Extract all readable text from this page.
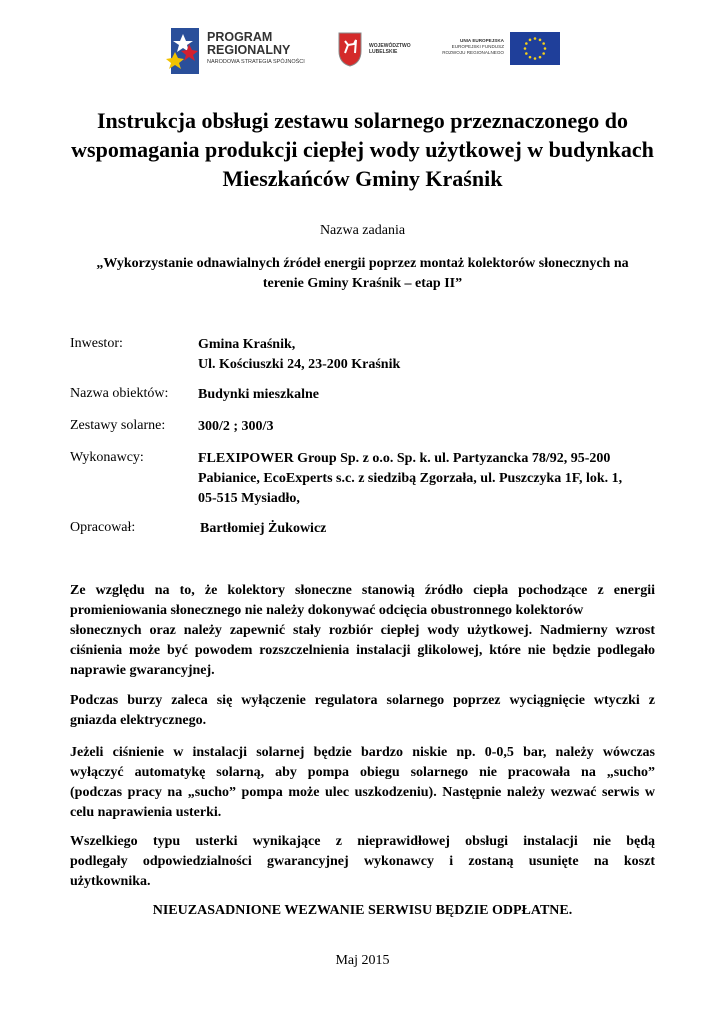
PROGRAM
REGIONALNY
NARODOWA STRATEGIA SPÓJNOŚCI
WOJEWÓDZTWO
LUBELSKIE
UNIA EUROPEJSKA
EUROPEJSKI FUNDUSZ
ROZWOJU REGIONALNEGO
Instrukcja obsługi zestawu solarnego przeznaczonego do
wspomagania produkcji ciepłej wody użytkowej w budynkach
Mieszkańców Gminy Kraśnik
Nazwa zadania
„Wykorzystanie odnawialnych źródeł energii poprzez montaż kolektorów słonecznych na
terenie Gminy Kraśnik – etap II”
Inwestor:	Gmina Kraśnik,
Ul. Kościuszki 24, 23-200 Kraśnik
Nazwa obiektów: Budynki mieszkalne
Zestawy solarne: 300/2 ; 300/3
Wykonawcy:	FLEXIPOWER Group Sp. z o.o. Sp. k. ul. Partyzancka 78/92, 95-200
Pabianice, EcoExperts s.c. z siedzibą Zgorzała, ul. Puszczyka 1F, lok. 1,
05-515 Mysiadło,
Opracował:	Bartłomiej Żukowicz
Ze względu na to, że kolektory słoneczne stanowią źródło ciepła pochodzące z energii
promieniowania słonecznego nie należy dokonywać odcięcia obustronnego kolektorów
słonecznych oraz należy zapewnić stały rozbiór ciepłej wody użytkowej. Nadmierny wzrost
ciśnienia może być powodem rozszczelnienia instalacji glikolowej, które nie będzie podlegało
naprawie gwarancyjnej.
Podczas burzy zaleca się wyłączenie regulatora solarnego poprzez wyciągnięcie wtyczki z
gniazda elektrycznego.
Jeżeli ciśnienie w instalacji solarnej będzie bardzo niskie np. 0-0,5 bar, należy wówczas
wyłączyć automatykę solarną, aby pompa obiegu solarnego nie pracowała na „sucho”
(podczas pracy na „sucho” pompa może ulec uszkodzeniu). Następnie należy wezwać serwis w
celu naprawienia usterki.
Wszelkiego typu usterki wynikające z nieprawidłowej obsługi instalacji nie będą
podlegały odpowiedzialności gwarancyjnej wykonawcy i zostaną usunięte na koszt
użytkownika.
NIEUZASADNIONE WEZWANIE SERWISU BĘDZIE ODPŁATNE.
Maj 2015
